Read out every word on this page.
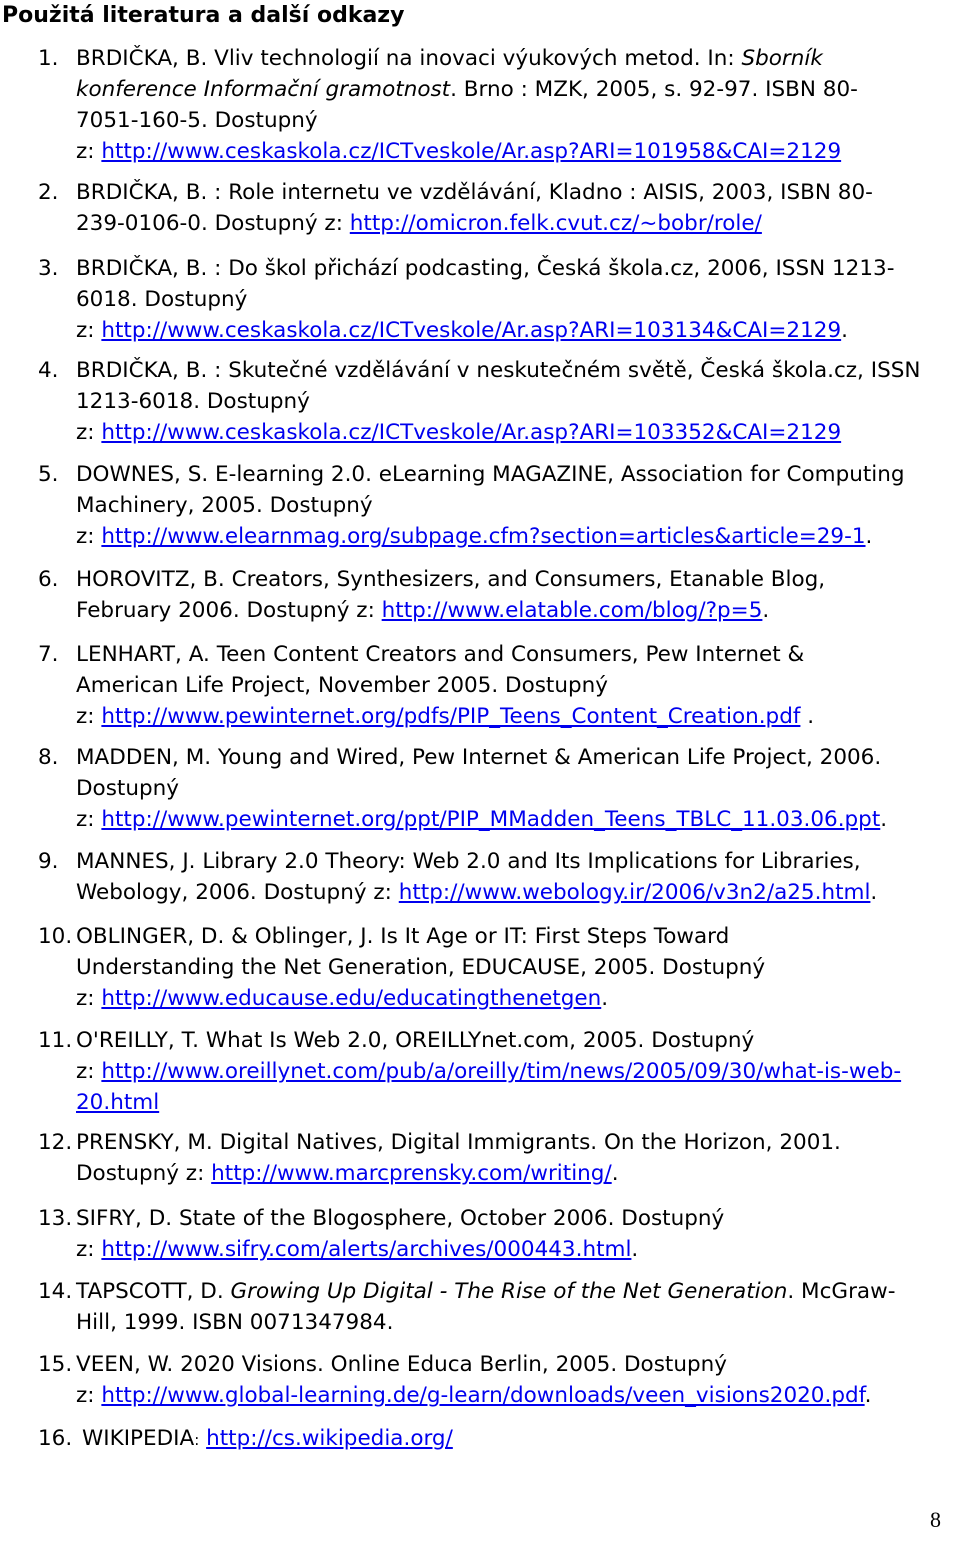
Použitá literatura a další odkazy
1. BRDIČKA, B. Vliv technologií na inovaci výukových metod. In: Sborník
konference Informační gramotnost. Brno : MZK, 2005, s. 92-97. ISBN 80-
7051-160-5. Dostupný
z: http://www.ceskaskola.cz/ICTveskole/Ar.asp?ARI=101958&CAI=2129
2. BRDIČKA, B. : Role internetu ve vzdělávání, Kladno : AISIS, 2003, ISBN 80-
239-0106-0. Dostupný z: http://omicron.felk.cvut.cz/~bobr/role/
3. BRDIČKA, B. : Do škol přichází podcasting, Česká škola.cz, 2006, ISSN 1213-
6018. Dostupný
z: http://www.ceskaskola.cz/ICTveskole/Ar.asp?ARI=103134&CAI=2129.
4. BRDIČKA, B. : Skutečné vzdělávání v neskutečném světě, Česká škola.cz, ISSN
1213-6018. Dostupný
z: http://www.ceskaskola.cz/ICTveskole/Ar.asp?ARI=103352&CAI=2129
5. DOWNES, S. E-learning 2.0. eLearning MAGAZINE, Association for Computing
Machinery, 2005. Dostupný
z: http://www.elearnmag.org/subpage.cfm?section=articles&article=29-1.
6. HOROVITZ, B. Creators, Synthesizers, and Consumers, Etanable Blog,
February 2006. Dostupný z: http://www.elatable.com/blog/?p=5.
7. LENHART, A. Teen Content Creators and Consumers, Pew Internet &
American Life Project, November 2005. Dostupný
z: http://www.pewinternet.org/pdfs/PIP_Teens_Content_Creation.pdf .
8. MADDEN, M. Young and Wired, Pew Internet & American Life Project, 2006.
Dostupný
z: http://www.pewinternet.org/ppt/PIP_MMadden_Teens_TBLC_11.03.06.ppt.
9. MANNES, J. Library 2.0 Theory: Web 2.0 and Its Implications for Libraries,
Webology, 2006. Dostupný z: http://www.webology.ir/2006/v3n2/a25.html.
10. OBLINGER, D. & Oblinger, J. Is It Age or IT: First Steps Toward
Understanding the Net Generation, EDUCAUSE, 2005. Dostupný
z: http://www.educause.edu/educatingthenetgen.
11. O'REILLY, T. What Is Web 2.0, OREILLYnet.com, 2005. Dostupný
z: http://www.oreillynet.com/pub/a/oreilly/tim/news/2005/09/30/what-is-web-
20.html
12. PRENSKY, M. Digital Natives, Digital Immigrants. On the Horizon, 2001.
Dostupný z: http://www.marcprensky.com/writing/.
13. SIFRY, D. State of the Blogosphere, October 2006. Dostupný
z: http://www.sifry.com/alerts/archives/000443.html.
14. TAPSCOTT, D. Growing Up Digital - The Rise of the Net Generation. McGraw-
Hill, 1999. ISBN 0071347984.
15. VEEN, W. 2020 Visions. Online Educa Berlin, 2005. Dostupný
z: http://www.global-learning.de/g-learn/downloads/veen_visions2020.pdf.
16. WIKIPEDIA: http://cs.wikipedia.org/
8
